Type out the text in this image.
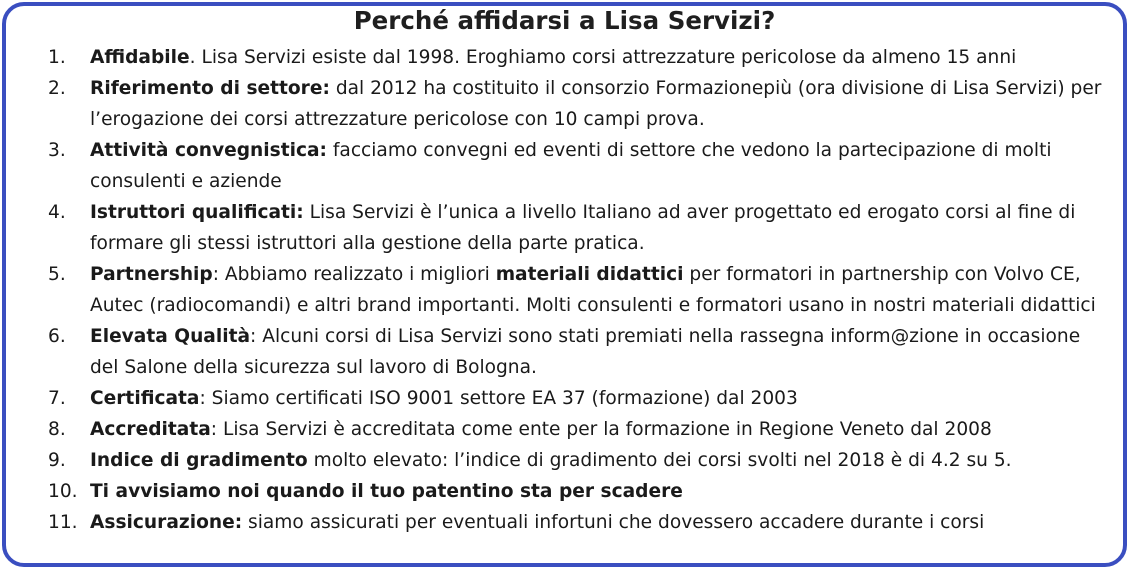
Perché affidarsi a Lisa Servizi?
1. Affidabile. Lisa Servizi esiste dal 1998. Eroghiamo corsi attrezzature pericolose da almeno 15 anni
2. Riferimento di settore: dal 2012 ha costituito il consorzio Formazionepiù (ora divisione di Lisa Servizi) per l’erogazione dei corsi attrezzature pericolose con 10 campi prova.
3. Attività convegnistica: facciamo convegni ed eventi di settore che vedono la partecipazione di molti consulenti e aziende
4. Istruttori qualificati: Lisa Servizi è l’unica a livello Italiano ad aver progettato ed erogato corsi al fine di formare gli stessi istruttori alla gestione della parte pratica.
5. Partnership: Abbiamo realizzato i migliori materiali didattici per formatori in partnership con Volvo CE, Autec (radiocomandi) e altri brand importanti. Molti consulenti e formatori usano in nostri materiali didattici
6. Elevata Qualità: Alcuni corsi di Lisa Servizi sono stati premiati nella rassegna inform@zione in occasione del Salone della sicurezza sul lavoro di Bologna.
7. Certificata: Siamo certificati ISO 9001 settore EA 37 (formazione) dal 2003
8. Accreditata: Lisa Servizi è accreditata come ente per la formazione in Regione Veneto dal 2008
9. Indice di gradimento molto elevato: l’indice di gradimento dei corsi svolti nel 2018 è di 4.2 su 5.
10. Ti avvisiamo noi quando il tuo patentino sta per scadere
11. Assicurazione: siamo assicurati per eventuali infortuni che dovessero accadere durante i corsi
